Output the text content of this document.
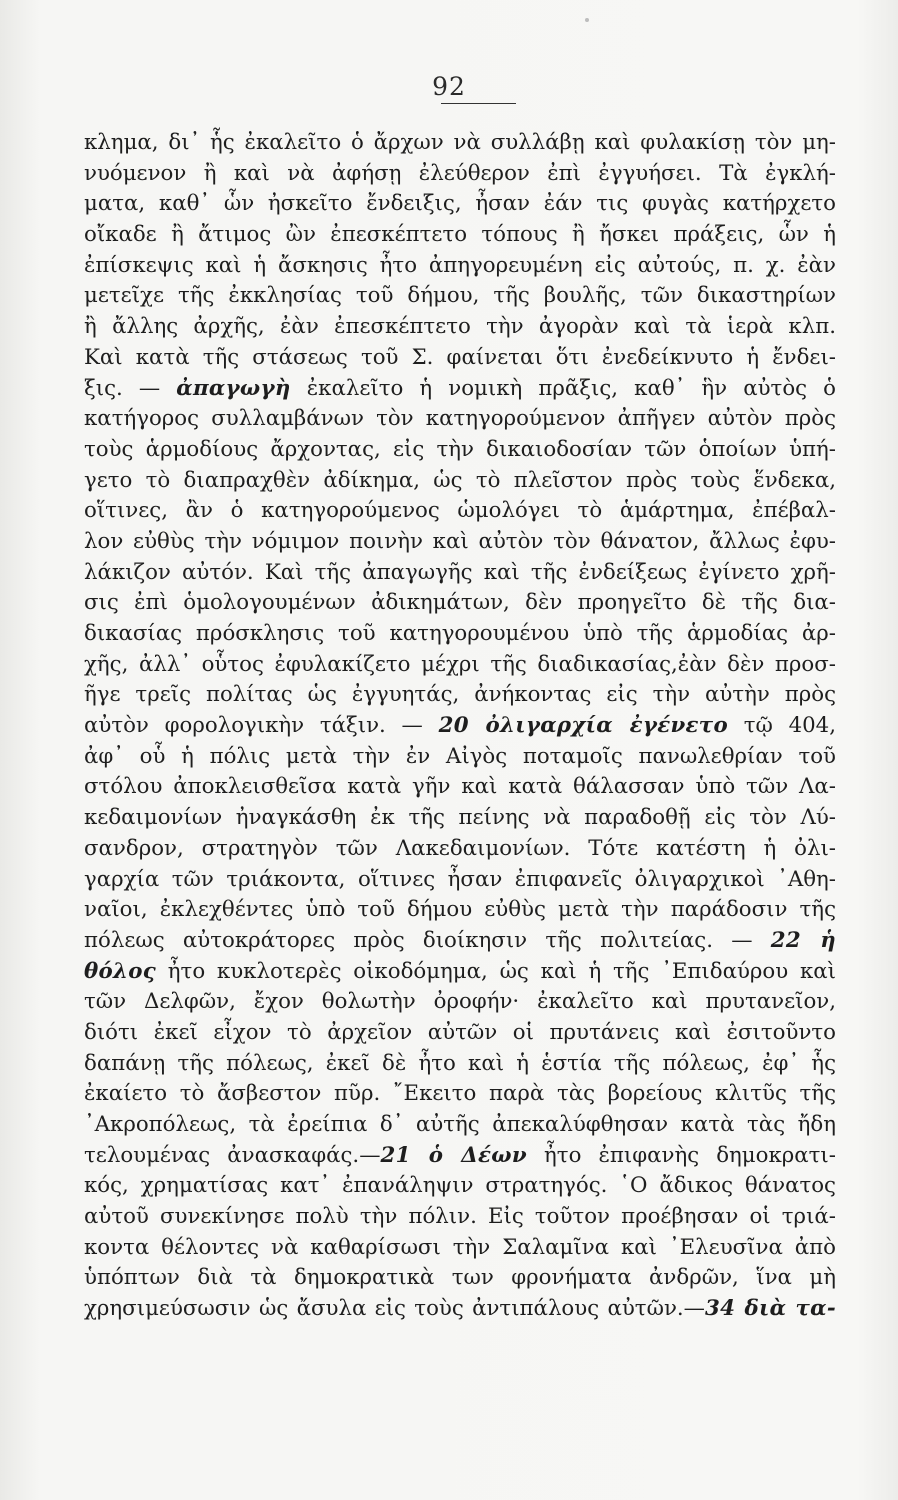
92
κλημα, δι᾿ ἧς ἐκαλεῖτο ὁ ἄρχων νὰ συλλάβῃ καὶ φυλακίσῃ τὸν μη-
νυόμενον ἢ καὶ νὰ ἀφήσῃ ἐλεύθερον ἐπὶ ἐγγυήσει. Τὰ ἐγκλή-
ματα, καθ᾿ ὧν ἠσκεῖτο ἔνδειξις, ἦσαν ἐάν τις φυγὰς κατήρχετο
οἴκαδε ἢ ἄτιμος ὢν ἐπεσκέπτετο τόπους ἢ ἤσκει πράξεις, ὧν ἡ
ἐπίσκεψις καὶ ἡ ἄσκησις ἦτο ἀπηγορευμένη εἰς αὐτούς, π. χ. ἐὰν
μετεῖχε τῆς ἐκκλησίας τοῦ δήμου, τῆς βουλῆς, τῶν δικαστηρίων
ἢ ἄλλης ἀρχῆς, ἐὰν ἐπεσκέπτετο τὴν ἀγορὰν καὶ τὰ ἱερὰ κλπ.
Καὶ κατὰ τῆς στάσεως τοῦ Σ. φαίνεται ὅτι ἐνεδείκνυτο ἡ ἔνδει-
ξις. — ἀπαγωγὴ ἐκαλεῖτο ἡ νομικὴ πρᾶξις, καθ᾿ ἣν αὐτὸς ὁ
κατήγορος συλλαμβάνων τὸν κατηγορούμενον ἀπῆγεν αὐτὸν πρὸς
τοὺς ἁρμοδίους ἄρχοντας, εἰς τὴν δικαιοδοσίαν τῶν ὁποίων ὑπή-
γετο τὸ διαπραχθὲν ἀδίκημα, ὡς τὸ πλεῖστον πρὸς τοὺς ἕνδεκα,
οἵτινες, ἂν ὁ κατηγορούμενος ὡμολόγει τὸ ἁμάρτημα, ἐπέβαλ-
λον εὐθὺς τὴν νόμιμον ποινὴν καὶ αὐτὸν τὸν θάνατον, ἄλλως ἐφυ-
λάκιζον αὐτόν. Καὶ τῆς ἀπαγωγῆς καὶ τῆς ἐνδείξεως ἐγίνετο χρῆ-
σις ἐπὶ ὁμολογουμένων ἀδικημάτων, δὲν προηγεῖτο δὲ τῆς δια-
δικασίας πρόσκλησις τοῦ κατηγορουμένου ὑπὸ τῆς ἁρμοδίας ἀρ-
χῆς, ἀλλ᾿ οὗτος ἐφυλακίζετο μέχρι τῆς διαδικασίας,ἐὰν δὲν προσ-
ῆγε τρεῖς πολίτας ὡς ἐγγυητάς, ἀνήκοντας εἰς τὴν αὐτὴν πρὸς
αὐτὸν φορολογικὴν τάξιν. — 20 ὀλιγαρχία ἐγένετο τῷ 404,
ἀφ᾿ οὗ ἡ πόλις μετὰ τὴν ἐν Αἰγὸς ποταμοῖς πανωλεθρίαν τοῦ
στόλου ἀποκλεισθεῖσα κατὰ γῆν καὶ κατὰ θάλασσαν ὑπὸ τῶν Λα-
κεδαιμονίων ἠναγκάσθη ἐκ τῆς πείνης νὰ παραδοθῇ εἰς τὸν Λύ-
σανδρον, στρατηγὸν τῶν Λακεδαιμονίων. Τότε κατέστη ἡ ὀλι-
γαρχία τῶν τριάκοντα, οἵτινες ἦσαν ἐπιφανεῖς ὀλιγαρχικοὶ ᾿Αθη-
ναῖοι, ἐκλεχθέντες ὑπὸ τοῦ δήμου εὐθὺς μετὰ τὴν παράδοσιν τῆς
πόλεως αὐτοκράτορες πρὸς διοίκησιν τῆς πολιτείας. — 22 ἡ
θόλος ἦτο κυκλοτερὲς οἰκοδόμημα, ὡς καὶ ἡ τῆς ᾿Επιδαύρου καὶ
τῶν Δελφῶν, ἔχον θολωτὴν ὀροφήν· ἐκαλεῖτο καὶ πρυτανεῖον,
διότι ἐκεῖ εἶχον τὸ ἀρχεῖον αὐτῶν οἱ πρυτάνεις καὶ ἐσιτοῦντο
δαπάνῃ τῆς πόλεως, ἐκεῖ δὲ ἦτο καὶ ἡ ἑστία τῆς πόλεως, ἐφ᾿ ἧς
ἐκαίετο τὸ ἄσβεστον πῦρ. ῎Εκειτο παρὰ τὰς βορείους κλιτῦς τῆς
᾿Ακροπόλεως, τὰ ἐρείπια δ᾿ αὐτῆς ἀπεκαλύφθησαν κατὰ τὰς ἤδη
τελουμένας ἀνασκαφάς.—21 ὁ Δέων ἦτο ἐπιφανὴς δημοκρατι-
κός, χρηματίσας κατ᾿ ἐπανάληψιν στρατηγός. ῾Ο ἄδικος θάνατος
αὐτοῦ συνεκίνησε πολὺ τὴν πόλιν. Εἰς τοῦτον προέβησαν οἱ τριά-
κοντα θέλοντες νὰ καθαρίσωσι τὴν Σαλαμῖνα καὶ ᾿Ελευσῖνα ἀπὸ
ὑπόπτων διὰ τὰ δημοκρατικὰ των φρονήματα ἀνδρῶν, ἵνα μὴ
χρησιμεύσωσιν ὡς ἄσυλα εἰς τοὺς ἀντιπάλους αὐτῶν.—34 διὰ τα-
